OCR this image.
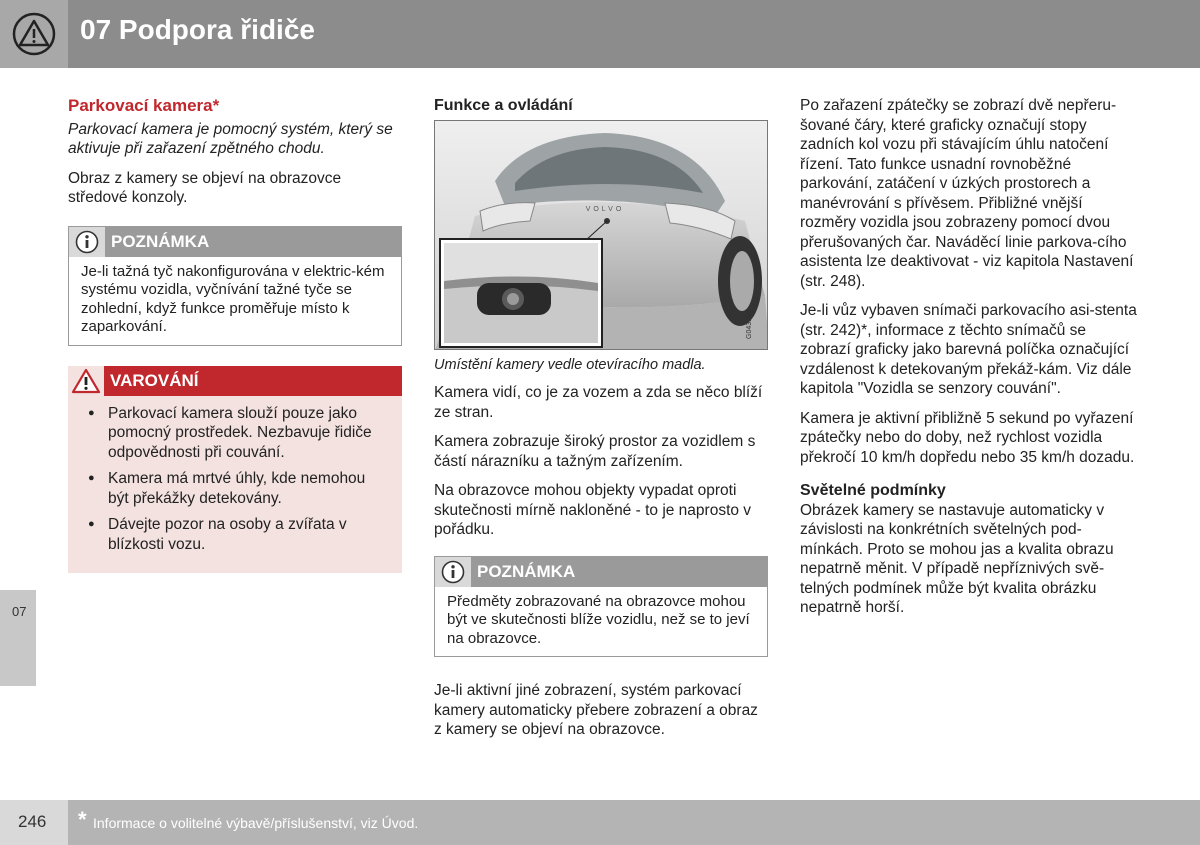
07 Podpora řidiče
07
Parkovací kamera*
Parkovací kamera je pomocný systém, který se aktivuje při zařazení zpětného chodu.
Obraz z kamery se objeví na obrazovce středové konzoly.
POZNÁMKA
Je-li tažná tyč nakonfigurována v elektric-kém systému vozidla, vyčnívání tažné tyče se zohlední, když funkce proměřuje místo k zaparkování.
VAROVÁNÍ
● Parkovací kamera slouží pouze jako pomocný prostředek. Nezbavuje řidiče odpovědnosti při couvání.
● Kamera má mrtvé úhly, kde nemohou být překážky detekovány.
● Dávejte pozor na osoby a zvířata v blízkosti vozu.
Funkce a ovládání
VOLVO
G043900
Umístění kamery vedle otevíracího madla.
Kamera vidí, co je za vozem a zda se něco blíží ze stran.
Kamera zobrazuje široký prostor za vozidlem s částí nárazníku a tažným zařízením.
Na obrazovce mohou objekty vypadat oproti skutečnosti mírně nakloněné - to je naprosto v pořádku.
POZNÁMKA
Předměty zobrazované na obrazovce mohou být ve skutečnosti blíže vozidlu, než se to jeví na obrazovce.
Je-li aktivní jiné zobrazení, systém parkovací kamery automaticky přebere zobrazení a obraz z kamery se objeví na obrazovce.
Po zařazení zpátečky se zobrazí dvě nepřeru-šované čáry, které graficky označují stopy zadních kol vozu při stávajícím úhlu natočení řízení. Tato funkce usnadní rovnoběžné parkování, zatáčení v úzkých prostorech a manévrování s přívěsem. Přibližné vnější rozměry vozidla jsou zobrazeny pomocí dvou přerušovaných čar. Naváděcí linie parkova-cího asistenta lze deaktivovat - viz kapitola Nastavení (str. 248).
Je-li vůz vybaven snímači parkovacího asi-stenta (str. 242)*, informace z těchto snímačů se zobrazí graficky jako barevná políčka označující vzdálenost k detekovaným překáž-kám. Viz dále kapitola "Vozidla se senzory couvání".
Kamera je aktivní přibližně 5 sekund po vyřazení zpátečky nebo do doby, než rychlost vozidla překročí 10 km/h dopředu nebo 35 km/h dozadu.
Světelné podmínky
Obrázek kamery se nastavuje automaticky v závislosti na konkrétních světelných pod-mínkách. Proto se mohou jas a kvalita obrazu nepatrně měnit. V případě nepříznivých svě-telných podmínek může být kvalita obrázku nepatrně horší.
246 * Informace o volitelné výbavě/příslušenství, viz Úvod.
